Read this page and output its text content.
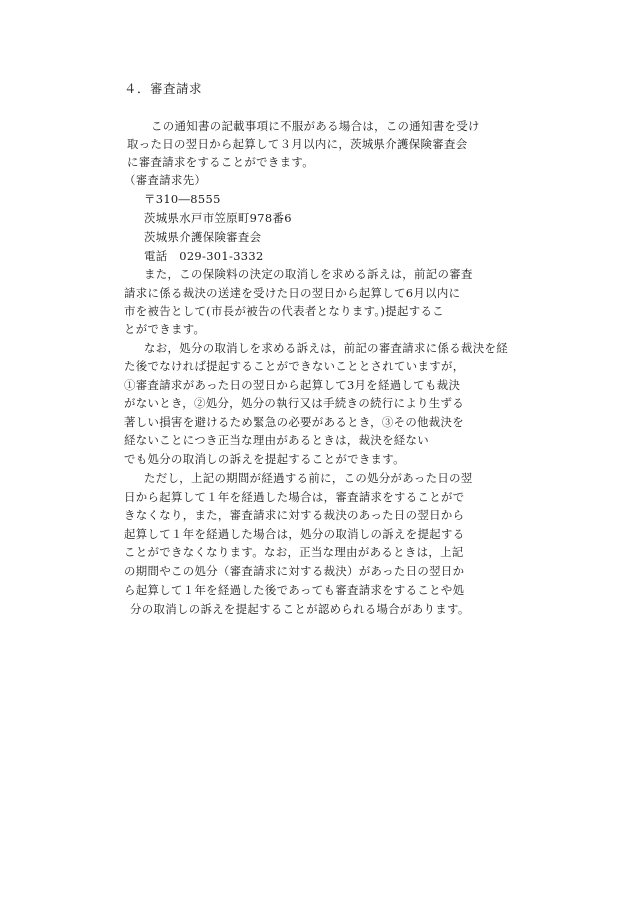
４．審査請求
この通知書の記載事項に不服がある場合は，この通知書を受け
取った日の翌日から起算して３月以内に，茨城県介護保険審査会
に審査請求をすることができます。
（審査請求先）
〒310―8555
茨城県水戸市笠原町978番6
茨城県介護保険審査会
電話　029-301-3332
また，この保険料の決定の取消しを求める訴えは，前記の審査
請求に係る裁決の送達を受けた日の翌日から起算して6月以内に
市を被告として(市長が被告の代表者となります。)提起するこ
とができます。
なお，処分の取消しを求める訴えは，前記の審査請求に係る裁決を経
た後でなければ提起することができないこととされていますが，
①審査請求があった日の翌日から起算して3月を経過しても裁決
がないとき，②処分，処分の執行又は手続きの続行により生ずる
著しい損害を避けるため緊急の必要があるとき，③その他裁決を
経ないことにつき正当な理由があるときは，裁決を経ない
でも処分の取消しの訴えを提起することができます。
ただし，上記の期間が経過する前に，この処分があった日の翌
日から起算して１年を経過した場合は，審査請求をすることがで
きなくなり，また，審査請求に対する裁決のあった日の翌日から
起算して１年を経過した場合は，処分の取消しの訴えを提起する
ことができなくなります。なお，正当な理由があるときは，上記
の期間やこの処分（審査請求に対する裁決）があった日の翌日か
ら起算して１年を経過した後であっても審査請求をすることや処
分の取消しの訴えを提起することが認められる場合があります。
